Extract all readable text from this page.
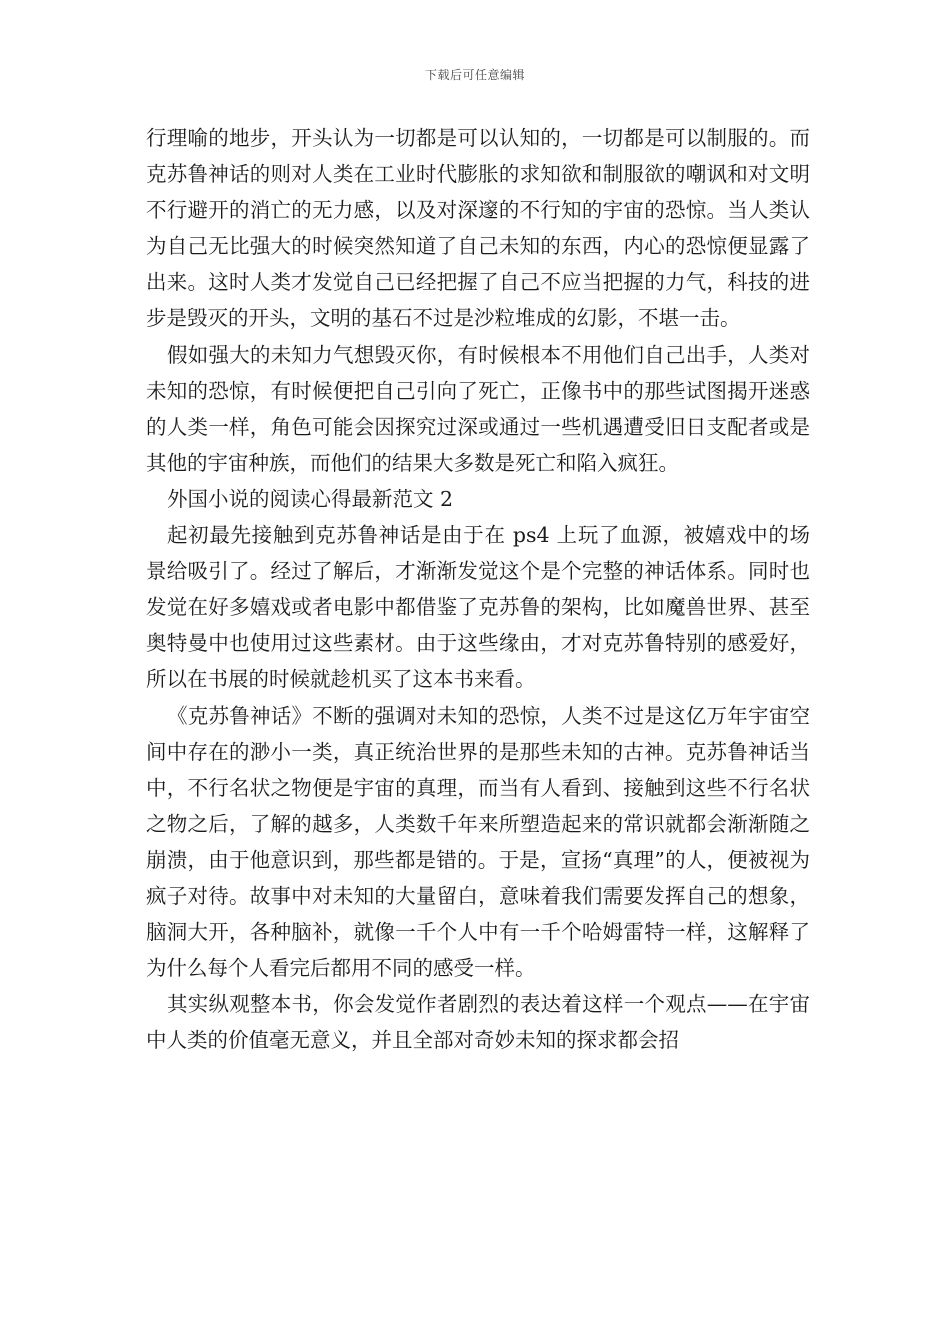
下载后可任意编辑

行理喻的地步，开头认为一切都是可以认知的，一切都是可以制服的。而克苏鲁神话的则对人类在工业时代膨胀的求知欲和制服欲的嘲讽和对文明不行避开的消亡的无力感，以及对深邃的不行知的宇宙的恐惊。当人类认为自己无比强大的时候突然知道了自己未知的东西，内心的恐惊便显露了出来。这时人类才发觉自己已经把握了自己不应当把握的力气，科技的进步是毁灭的开头，文明的基石不过是沙粒堆成的幻影，不堪一击。

假如强大的未知力气想毁灭你，有时候根本不用他们自己出手，人类对未知的恐惊，有时候便把自己引向了死亡，正像书中的那些试图揭开迷惑的人类一样，角色可能会因探究过深或通过一些机遇遭受旧日支配者或是其他的宇宙种族，而他们的结果大多数是死亡和陷入疯狂。

外国小说的阅读心得最新范文 2

起初最先接触到克苏鲁神话是由于在 ps4 上玩了血源，被嬉戏中的场景给吸引了。经过了解后，才渐渐发觉这个是个完整的神话体系。同时也发觉在好多嬉戏或者电影中都借鉴了克苏鲁的架构，比如魔兽世界、甚至奥特曼中也使用过这些素材。由于这些缘由，才对克苏鲁特别的感爱好，所以在书展的时候就趁机买了这本书来看。

《克苏鲁神话》不断的强调对未知的恐惊，人类不过是这亿万年宇宙空间中存在的渺小一类，真正统治世界的是那些未知的古神。克苏鲁神话当中，不行名状之物便是宇宙的真理，而当有人看到、接触到这些不行名状之物之后，了解的越多，人类数千年来所塑造起来的常识就都会渐渐随之崩溃，由于他意识到，那些都是错的。于是，宣扬“真理”的人，便被视为疯子对待。故事中对未知的大量留白，意味着我们需要发挥自己的想象，脑洞大开，各种脑补，就像一千个人中有一千个哈姆雷特一样，这解释了为什么每个人看完后都用不同的感受一样。

其实纵观整本书，你会发觉作者剧烈的表达着这样一个观点——在宇宙中人类的价值毫无意义，并且全部对奇妙未知的探求都会招
